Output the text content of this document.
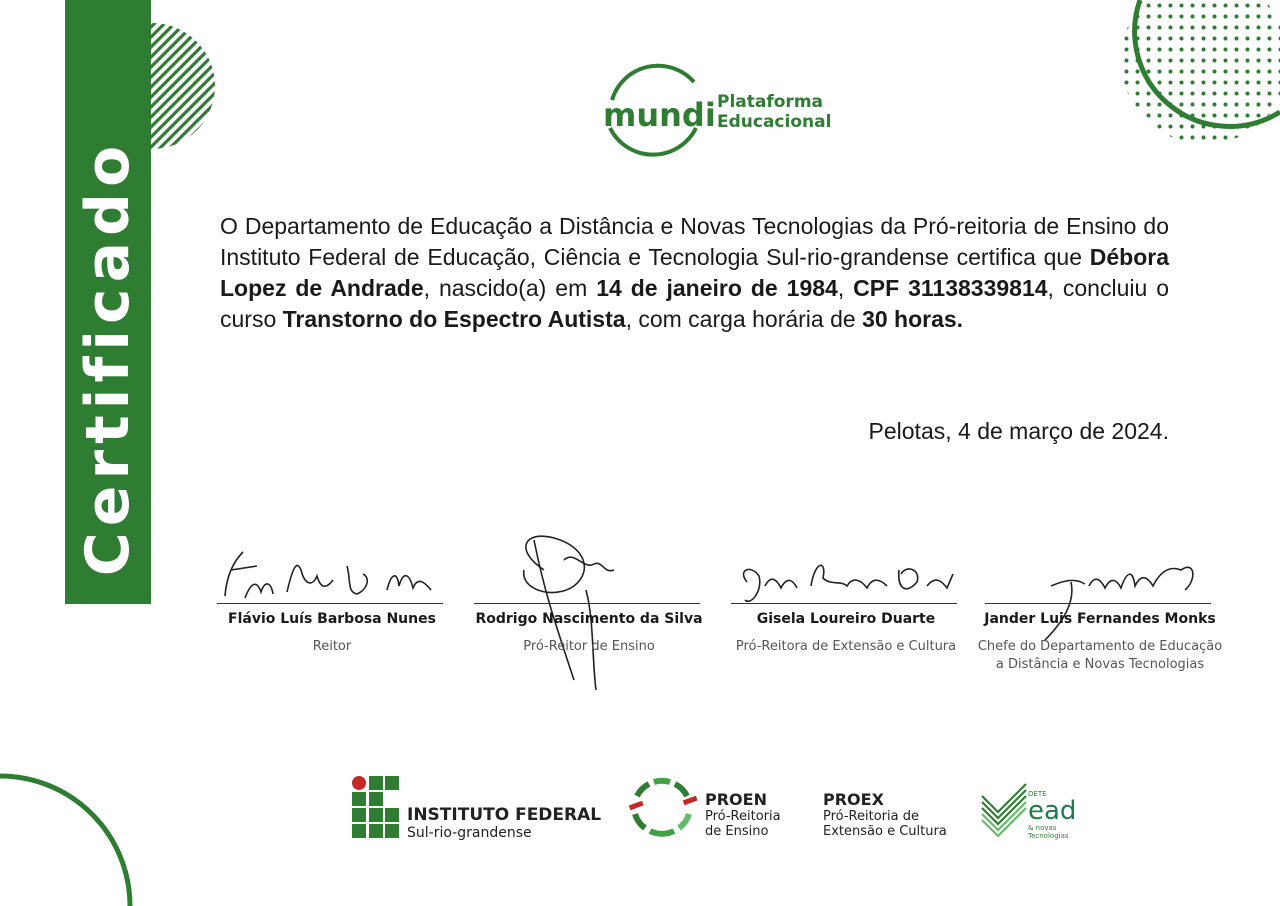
Certificado
mundi Plataforma
Educacional
O Departamento de Educação a Distância e Novas Tecnologias da Pró-reitoria de Ensino do Instituto Federal de Educação, Ciência e Tecnologia Sul-rio-grandense certifica que Débora Lopez de Andrade, nascido(a) em 14 de janeiro de 1984, CPF 31138339814, concluiu o curso Transtorno do Espectro Autista, com carga horária de 30 horas.
Pelotas, 4 de março de 2024.
Flávio Luís Barbosa Nunes
Reitor
Rodrigo Nascimento da Silva
Pró-Reitor de Ensino
Gisela Loureiro Duarte
Pró-Reitora de Extensão e Cultura
Jander Luis Fernandes Monks
Chefe do Departamento de Educação
a Distância e Novas Tecnologias
INSTITUTO FEDERAL
Sul-rio-grandense
PROEN
Pró-Reitoria
de Ensino
PROEX
Pró-Reitoria de
Extensão e Cultura
DETE
ead
& novas
Tecnologias
